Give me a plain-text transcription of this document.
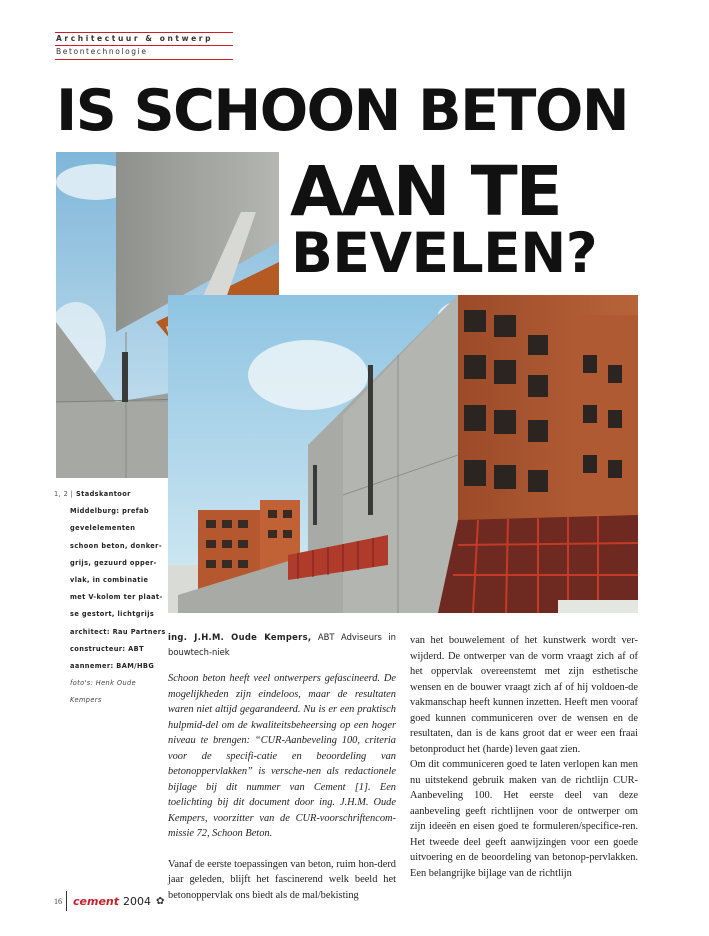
Architectuur & ontwerp
Betontechnologie
IS SCHOON BETON
AAN TE
BEVELEN?
1, 2 | Stadskantoor
Middelburg: prefab
gevelelementen
schoon beton, donker-
grijs, gezuurd opper-
vlak, in combinatie
met V-kolom ter plaat-
se gestort, lichtgrijs
architect: Rau Partners
constructeur: ABT
aannemer: BAM/HBG
foto's: Henk Oude
Kempers

ing. J.H.M. Oude Kempers, ABT Adviseurs in bouwtech-niek

Schoon beton heeft veel ontwerpers gefascineerd. De mogelijkheden zijn eindeloos, maar de resultaten waren niet altijd gegarandeerd. Nu is er een praktisch hulpmid-del om de kwaliteitsbeheersing op een hoger niveau te brengen: “CUR-Aanbeveling 100, criteria voor de specifi-catie en beoordeling van betonoppervlakken” is versche-nen als redactionele bijlage bij dit nummer van Cement [1]. Een toelichting bij dit document door ing. J.H.M. Oude Kempers, voorzitter van de CUR-voorschriftencom-missie 72, Schoon Beton.

Vanaf de eerste toepassingen van beton, ruim hon-derd jaar geleden, blijft het fascinerend welk beeld het betonoppervlak ons biedt als de mal/bekisting

van het bouwelement of het kunstwerk wordt ver-wijderd. De ontwerper van de vorm vraagt zich af of het oppervlak overeenstemt met zijn esthetische wensen en de bouwer vraagt zich af of hij voldoen-de vakmanschap heeft kunnen inzetten. Heeft men vooraf goed kunnen communiceren over de wensen en de resultaten, dan is de kans groot dat er weer een fraai betonproduct het (harde) leven gaat zien.

Om dit communiceren goed te laten verlopen kan men nu uitstekend gebruik maken van de richtlijn CUR-Aanbeveling 100. Het eerste deel van deze aanbeveling geeft richtlijnen voor de ontwerper om zijn ideeën en eisen goed te formuleren/specifice-ren. Het tweede deel geeft aanwijzingen voor een goede uitvoering en de beoordeling van betonop-pervlakken. Een belangrijke bijlage van de richtlijn

16 cement 2004 ✿
